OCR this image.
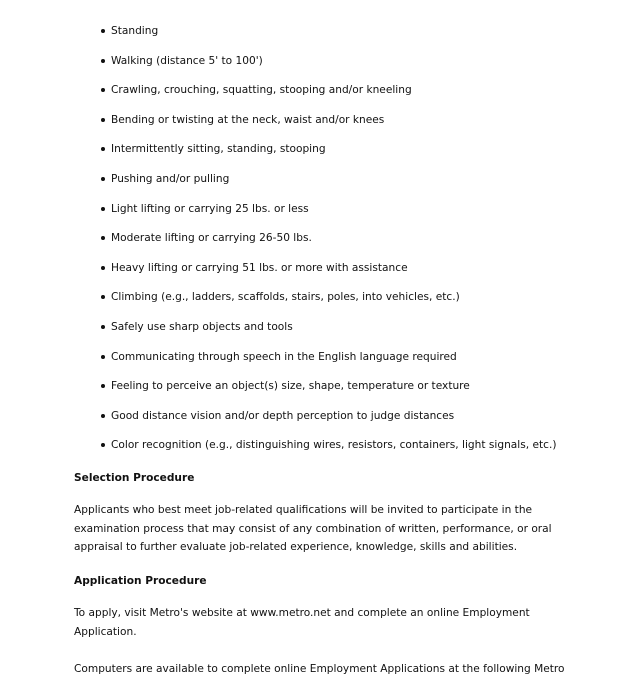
Standing
Walking (distance 5' to 100')
Crawling, crouching, squatting, stooping and/or kneeling
Bending or twisting at the neck, waist and/or knees
Intermittently sitting, standing, stooping
Pushing and/or pulling
Light lifting or carrying 25 lbs. or less
Moderate lifting or carrying 26-50 lbs.
Heavy lifting or carrying 51 lbs. or more with assistance
Climbing (e.g., ladders, scaffolds, stairs, poles, into vehicles, etc.)
Safely use sharp objects and tools
Communicating through speech in the English language required
Feeling to perceive an object(s) size, shape, temperature or texture
Good distance vision and/or depth perception to judge distances
Color recognition (e.g., distinguishing wires, resistors, containers, light signals, etc.)
Selection Procedure

Applicants who best meet job-related qualifications will be invited to participate in the
examination process that may consist of any combination of written, performance, or oral
appraisal to further evaluate job-related experience, knowledge, skills and abilities.

Application Procedure

To apply, visit Metro's website at www.metro.net and complete an online Employment
Application.

Computers are available to complete online Employment Applications at the following Metro
